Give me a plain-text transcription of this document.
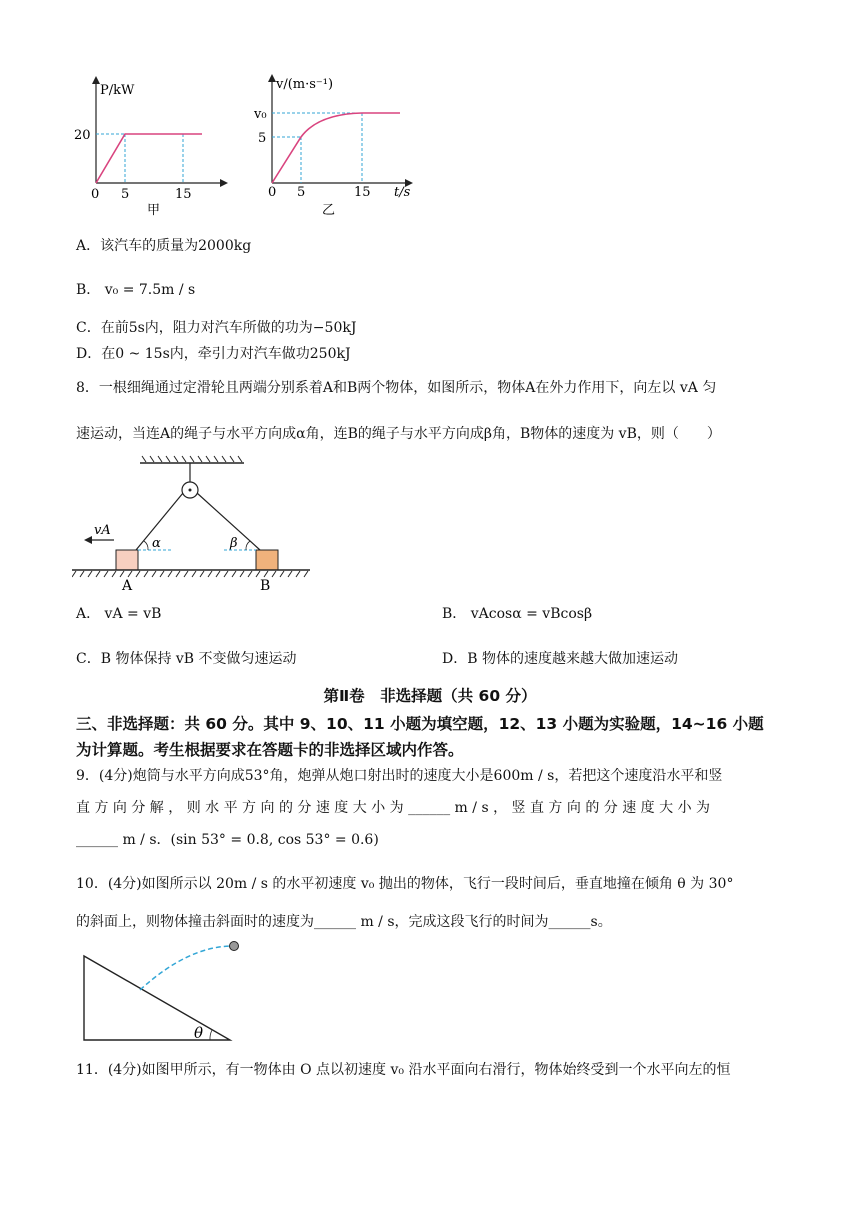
P/kW
20
0 5	15
甲
v/(m·s⁻¹)
v₀
5
0 5	15 t/s
乙
A．该汽车的质量为2000kg
B． v₀ = 7.5m / s
C．在前5s内，阻力对汽车所做的功为−50kJ
D．在0 ~ 15s内，牵引力对汽车做功250kJ
8．一根细绳通过定滑轮且两端分别系着A和B两个物体，如图所示，物体A在外力作用下，向左以 vA 匀
速运动，当连A的绳子与水平方向成α角，连B的绳子与水平方向成β角，B物体的速度为 vB，则（　　）
vA
α	β
A	B
A． vA = vB	B． vAcosα = vBcosβ
C．B 物体保持 vB 不变做匀速运动	D．B 物体的速度越来越大做加速运动
第Ⅱ卷　非选择题（共 60 分）
三、非选择题：共 60 分。其中 9、10、11 小题为填空题，12、13 小题为实验题，14~16 小题
为计算题。考生根据要求在答题卡的非选择区域内作答。
9．(4分)炮筒与水平方向成53°角，炮弹从炮口射出时的速度大小是600m / s，若把这个速度沿水平和竖
直 方 向 分 解 ， 则 水 平 方 向 的 分 速 度 大 小 为 ______ m / s ， 竖 直 方 向 的 分 速 度 大 小 为
______ m / s．(sin 53° = 0.8, cos 53° = 0.6)
10．(4分)如图所示以 20m / s 的水平初速度 v₀ 抛出的物体，飞行一段时间后，垂直地撞在倾角 θ 为 30°
的斜面上，则物体撞击斜面时的速度为______ m / s，完成这段飞行的时间为______s。
θ
11．(4分)如图甲所示，有一物体由 O 点以初速度 v₀ 沿水平面向右滑行，物体始终受到一个水平向左的恒
